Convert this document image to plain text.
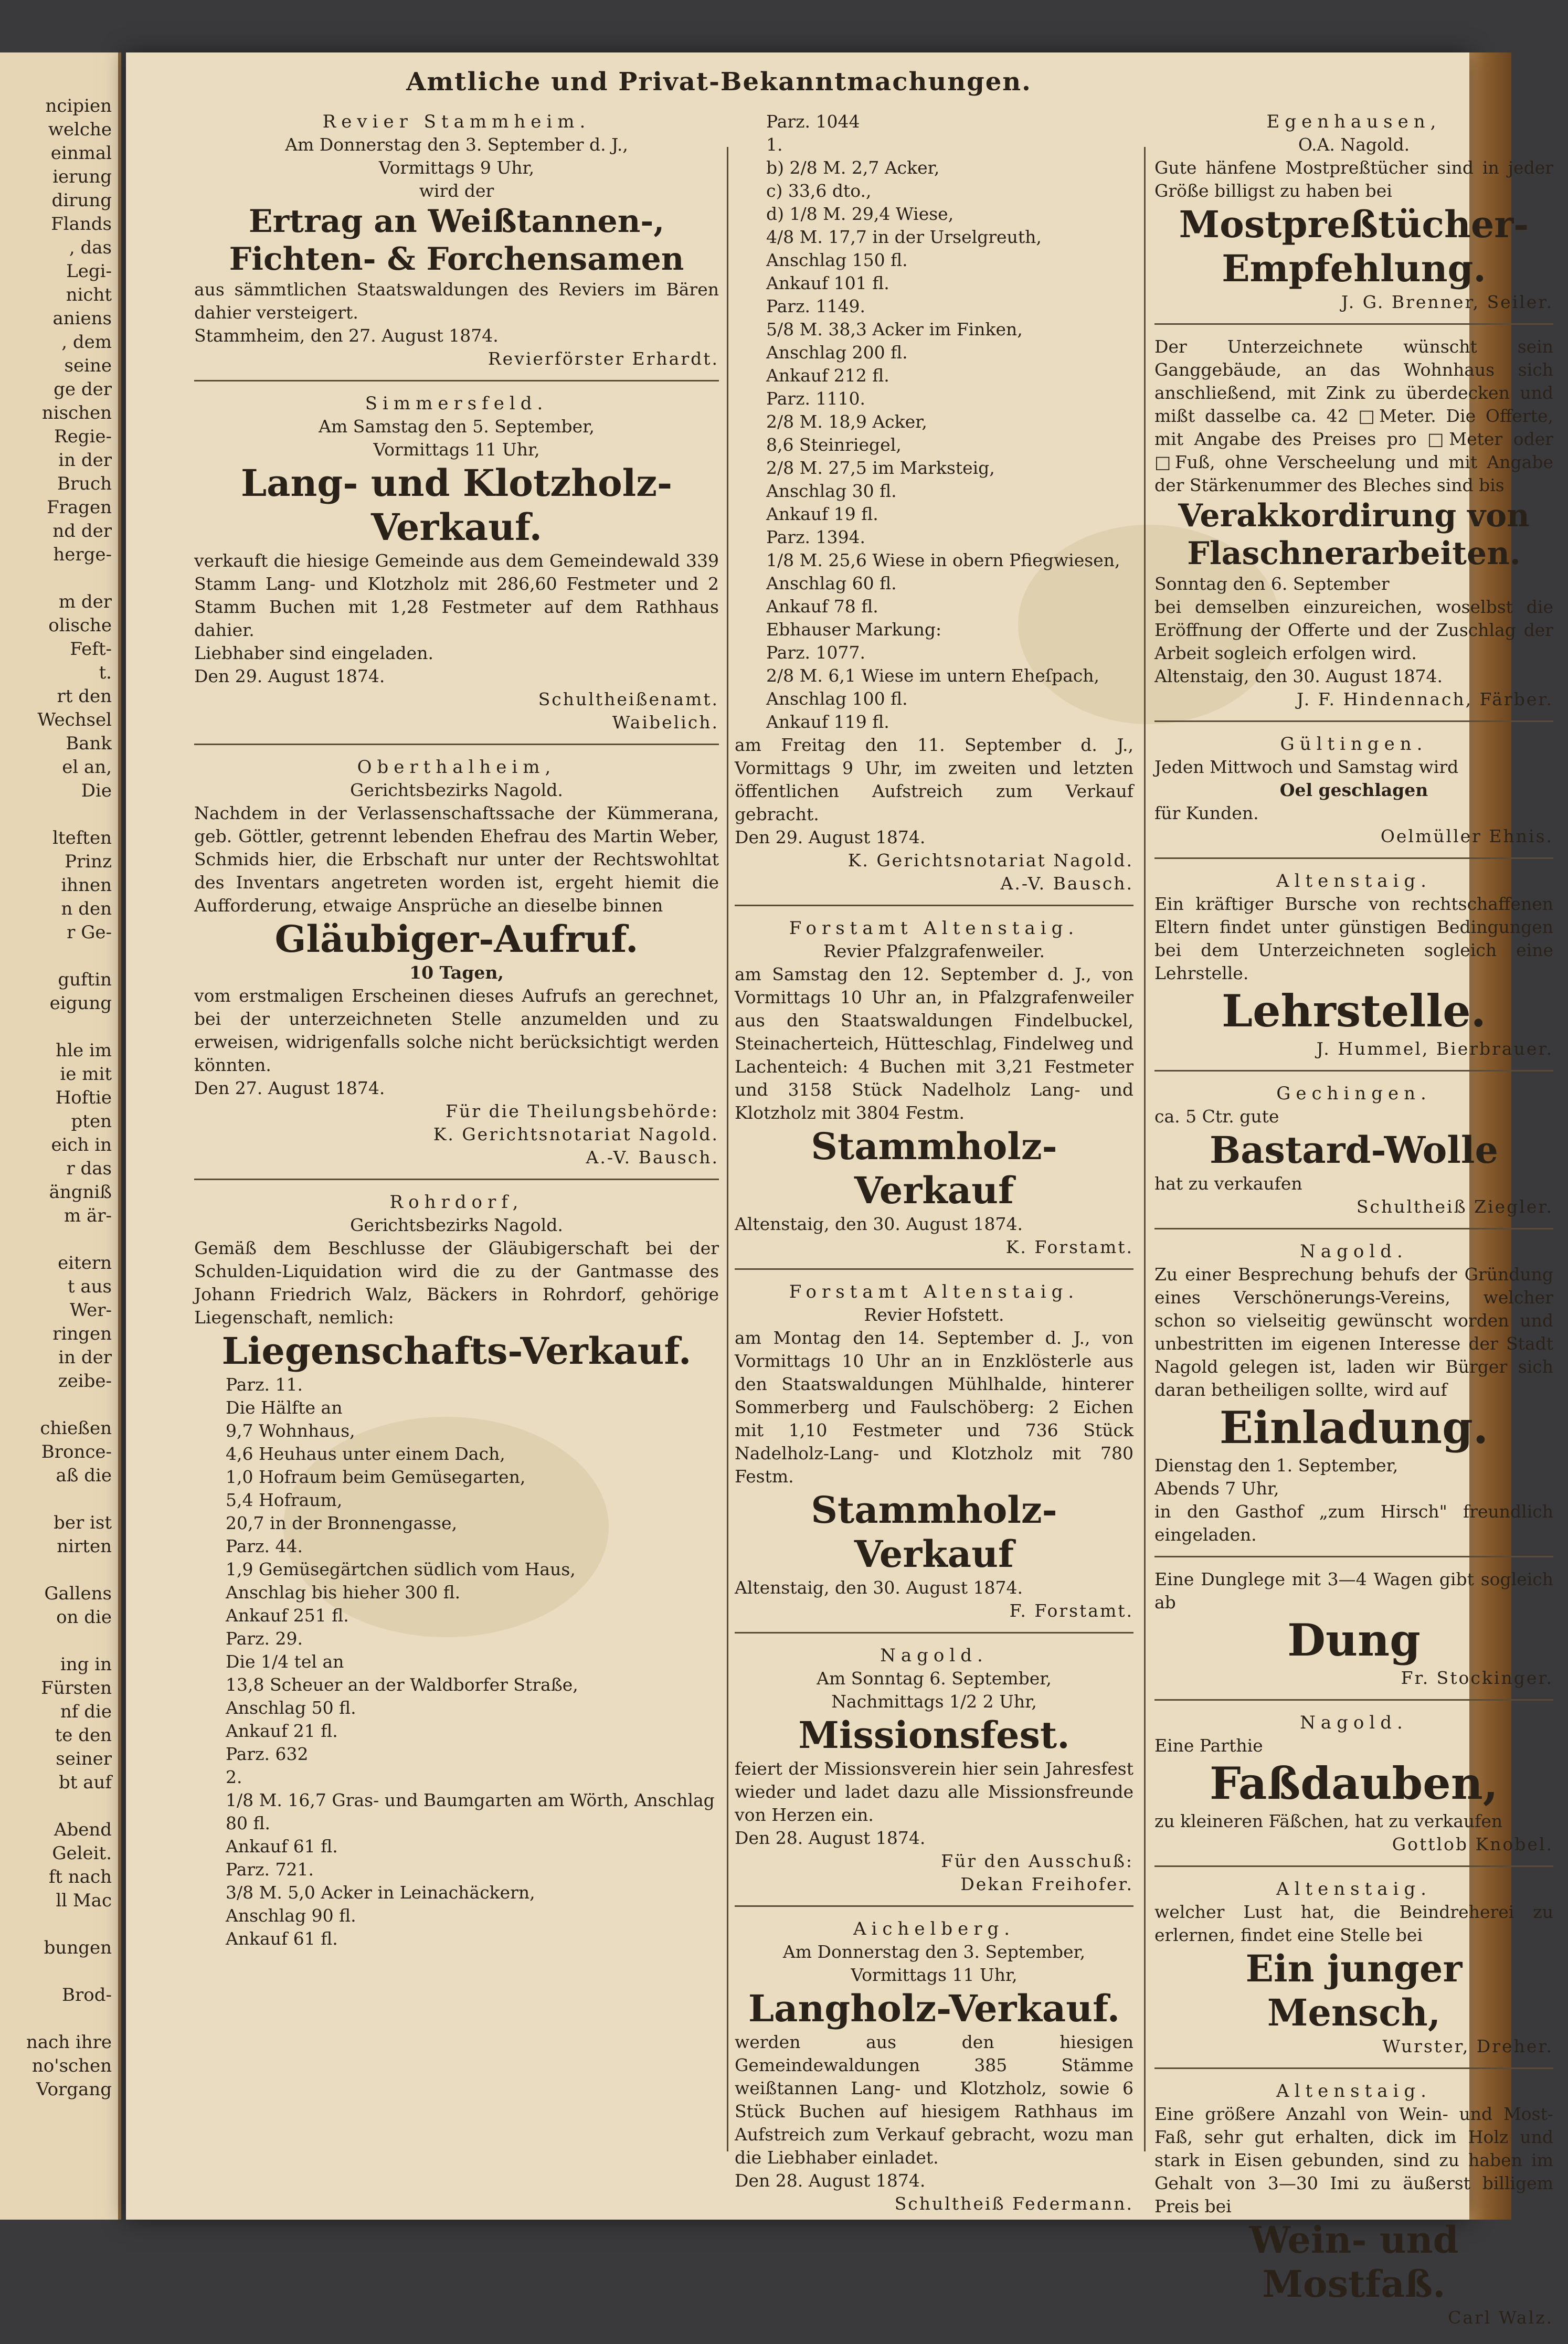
ncipien
welche
einmal
ierung
dirung
Flands
, das
Legi-
nicht
aniens
, dem
seine
ge der
nischen
Regie-
in der
Bruch
Fragen
nd der
herge-

m der
olische
Feft-
t.
rt den
Wechsel
Bank
el an,
Die

lteften
Prinz
ihnen
n den
r Ge-

guftin
eigung

hle im
ie mit
Hoftie
pten
eich in
r das
ängniß
m är-

eitern
t aus
Wer-
ringen
in der
zeibe-

chießen
Bronce-
aß die

ber ist
nirten

Gallens
on die

ing in
Fürsten
nf die
te den
seiner
bt auf

Abend
Geleit.
ft nach
ll Mac

bungen

Brod-

nach ihre
no'schen
Vorgang
Amtliche und Privat-Bekanntmachungen.
Revier Stammheim.
Am Donnerstag den 3. September d. J.,
Vormittags 9 Uhr,
wird der
Ertrag an Weißtannen-, Fichten- & Forchensamen
aus sämmtlichen Staatswaldungen des Reviers im Bären dahier versteigert.
Stammheim, den 27. August 1874.
Revierförster Erhardt.
Simmersfeld.
Am Samstag den 5. September,
Vormittags 11 Uhr,
Lang- und Klotzholz-Verkauf.
verkauft die hiesige Gemeinde aus dem Gemeindewald 339 Stamm Lang- und Klotzholz mit 286,60 Festmeter und 2 Stamm Buchen mit 1,28 Festmeter auf dem Rathhaus dahier.
Liebhaber sind eingeladen.
Den 29. August 1874.
Schultheißenamt.
Waibelich.
Oberthalheim,
Gerichtsbezirks Nagold.
Nachdem in der Verlassenschaftssache der Kümmerana, geb. Göttler, getrennt lebenden Ehefrau des Martin Weber, Schmids hier, die Erbschaft nur unter der Rechtswohltat des Inventars angetreten worden ist, ergeht hiemit die Aufforderung, etwaige Ansprüche an dieselbe binnen
Gläubiger-Aufruf.
10 Tagen,
vom erstmaligen Erscheinen dieses Aufrufs an gerechnet, bei der unterzeichneten Stelle anzumelden und zu erweisen, widrigenfalls solche nicht berücksichtigt werden könnten.
Den 27. August 1874.
Für die Theilungsbehörde:
K. Gerichtsnotariat Nagold.
A.-V. Bausch.
Rohrdorf,
Gerichtsbezirks Nagold.
Gemäß dem Beschlusse der Gläubigerschaft bei der Schulden-Liquidation wird die zu der Gantmasse des Johann Friedrich Walz, Bäckers in Rohrdorf, gehörige Liegenschaft, nemlich:
Liegenschafts-Verkauf.
Parz. 11.
Die Hälfte an
9,7 Wohnhaus,
4,6 Heuhaus unter einem Dach,
1,0 Hofraum beim Gemüsegarten,
5,4 Hofraum,
20,7 in der Bronnengasse,
Parz. 44.
1,9 Gemüsegärtchen südlich vom Haus,
Anschlag bis hieher 300 fl.
Ankauf 251 fl.
Parz. 29.
Die 1/4 tel an
13,8 Scheuer an der Waldborfer Straße,
Anschlag 50 fl.
Ankauf 21 fl.
Parz. 632
2.
1/8 M. 16,7 Gras- und Baumgarten am Wörth, Anschlag 80 fl.
Ankauf 61 fl.
Parz. 721.
3/8 M. 5,0 Acker in Leinachäckern,
Anschlag 90 fl.
Ankauf 61 fl.
Parz. 1044
1.
b) 2/8 M. 2,7 Acker,
c) 33,6 dto.,
d) 1/8 M. 29,4 Wiese,
4/8 M. 17,7 in der Urselgreuth,
Anschlag 150 fl.
Ankauf 101 fl.
Parz. 1149.
5/8 M. 38,3 Acker im Finken,
Anschlag 200 fl.
Ankauf 212 fl.
Parz. 1110.
2/8 M. 18,9 Acker,
8,6 Steinriegel,
2/8 M. 27,5 im Marksteig,
Anschlag 30 fl.
Ankauf 19 fl.
Parz. 1394.
1/8 M. 25,6 Wiese in obern Pfiegwiesen, Anschlag 60 fl.
Ankauf 78 fl.
Ebhauser Markung:
Parz. 1077.
2/8 M. 6,1 Wiese im untern Eheſpach,
Anschlag 100 fl.
Ankauf 119 fl.
am Freitag den 11. September d. J., Vormittags 9 Uhr, im zweiten und letzten öffentlichen Aufstreich zum Verkauf gebracht.
Den 29. August 1874.
K. Gerichtsnotariat Nagold.
A.-V. Bausch.
Forstamt Altenstaig.
Revier Pfalzgrafenweiler.
am Samstag den 12. September d. J., von Vormittags 10 Uhr an, in Pfalzgrafenweiler aus den Staatswaldungen Findelbuckel, Steinacherteich, Hütteschlag, Findelweg und Lachenteich: 4 Buchen mit 3,21 Festmeter und 3158 Stück Nadelholz Lang- und Klotzholz mit 3804 Festm.
Stammholz-Verkauf
Altenstaig, den 30. August 1874.
K. Forstamt.
Forstamt Altenstaig.
Revier Hofstett.
am Montag den 14. September d. J., von Vormittags 10 Uhr an in Enzklösterle aus den Staatswaldungen Mühlhalde, hinterer Sommerberg und Faulschöberg: 2 Eichen mit 1,10 Festmeter und 736 Stück Nadelholz-Lang- und Klotzholz mit 780 Festm.
Stammholz-Verkauf
Altenstaig, den 30. August 1874.
F. Forstamt.
Nagold.
Am Sonntag 6. September,
Nachmittags 1/2 2 Uhr,
Missionsfest.
feiert der Missionsverein hier sein Jahresfest wieder und ladet dazu alle Missionsfreunde von Herzen ein.
Den 28. August 1874.
Für den Ausschuß:
Dekan Freihofer.
Aichelberg.
Am Donnerstag den 3. September,
Vormittags 11 Uhr,
Langholz-Verkauf.
werden aus den hiesigen Gemeindewaldungen 385 Stämme weißtannen Lang- und Klotzholz, sowie 6 Stück Buchen auf hiesigem Rathhaus im Aufstreich zum Verkauf gebracht, wozu man die Liebhaber einladet.
Den 28. August 1874.
Schultheiß Federmann.
Egenhausen,
O.A. Nagold.
Gute hänfene Mostpreßtücher sind in jeder Größe billigst zu haben bei
Mostpreßtücher-Empfehlung.
J. G. Brenner, Seiler.
Der Unterzeichnete wünscht sein Ganggebäude, an das Wohnhaus sich anschließend, mit Zink zu überdecken und mißt dasselbe ca. 42 □Meter. Die Offerte, mit Angabe des Preises pro □Meter oder □Fuß, ohne Verscheelung und mit Angabe der Stärkenummer des Bleches sind bis
Verakkordirung von Flaschnerarbeiten.
Sonntag den 6. September
bei demselben einzureichen, woselbst die Eröffnung der Offerte und der Zuschlag der Arbeit sogleich erfolgen wird.
Altenstaig, den 30. August 1874.
J. F. Hindennach, Färber.
Gültingen.
Jeden Mittwoch und Samstag wird
Oel geschlagen
für Kunden.
Oelmüller Ehnis.
Altenstaig.
Ein kräftiger Bursche von rechtschaffenen Eltern findet unter günstigen Bedingungen bei dem Unterzeichneten sogleich eine Lehrstelle.
Lehrstelle.
J. Hummel, Bierbrauer.
Gechingen.
ca. 5 Ctr. gute
Bastard-Wolle
hat zu verkaufen
Schultheiß Ziegler.
Nagold.
Zu einer Besprechung behufs der Gründung eines Verschönerungs-Vereins, welcher schon so vielseitig gewünscht worden und unbestritten im eigenen Interesse der Stadt Nagold gelegen ist, laden wir Bürger sich daran betheiligen sollte, wird auf
Einladung.
Dienstag den 1. September,
Abends 7 Uhr,
in den Gasthof „zum Hirsch" freundlich eingeladen.
Eine Dunglege mit 3—4 Wagen gibt sogleich ab
Dung
Fr. Stockinger.
Nagold.
Eine Parthie
Faßdauben,
zu kleineren Fäßchen, hat zu verkaufen
Gottlob Knobel.
Altenstaig.
welcher Lust hat, die Beindreherei zu erlernen, findet eine Stelle bei
Ein junger Mensch,
Wurster, Dreher.
Altenstaig.
Eine größere Anzahl von Wein- und Most-Faß, sehr gut erhalten, dick im Holz und stark in Eisen gebunden, sind zu haben im Gehalt von 3—30 Imi zu äußerst billigem Preis bei
Wein- und Mostfaß.
Carl Walz.
